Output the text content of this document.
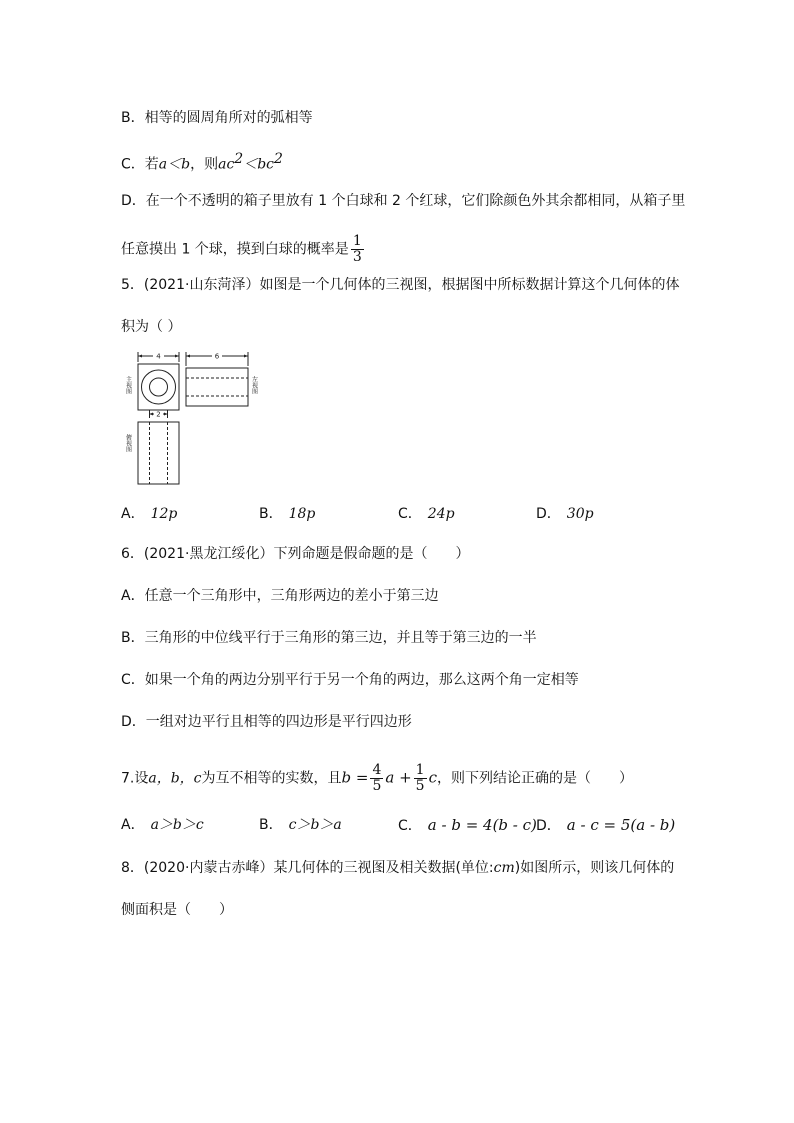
B．相等的圆周角所对的弧相等
C．若a＜b，则$ac^2<bc^2$
D．在一个不透明的箱子里放有 1 个白球和 2 个红球，它们除颜色外其余都相同，从箱子里
任意摸出 1 个球，摸到白球的概率是 $\frac{1}{3}$
5．(2021·山东菏泽）如图是一个几何体的三视图，根据图中所标数据计算这个几何体的体
积为（ ）
4	6
2
主视图	左视图
俯视图
A． 12p	B． 18p	C． 24p	D． 30p
6．(2021·黑龙江绥化）下列命题是假命题的是（　　）
A．任意一个三角形中，三角形两边的差小于第三边
B．三角形的中位线平行于三角形的第三边，并且等于第三边的一半
C．如果一个角的两边分别平行于另一个角的两边，那么这两个角一定相等
D．一组对边平行且相等的四边形是平行四边形
7.设a，b，c为互不相等的实数，且$b = \frac{4}{5}$ $a + \frac{1}{5}$ c，则下列结论正确的是（　　）
A． a＞b＞c	B． c＞b＞a	C． a - b = 4(b - c) D． a - c = 5(a - b)
8．(2020·内蒙古赤峰）某几何体的三视图及相关数据(单位:cm)如图所示，则该几何体的
侧面积是（　　）
